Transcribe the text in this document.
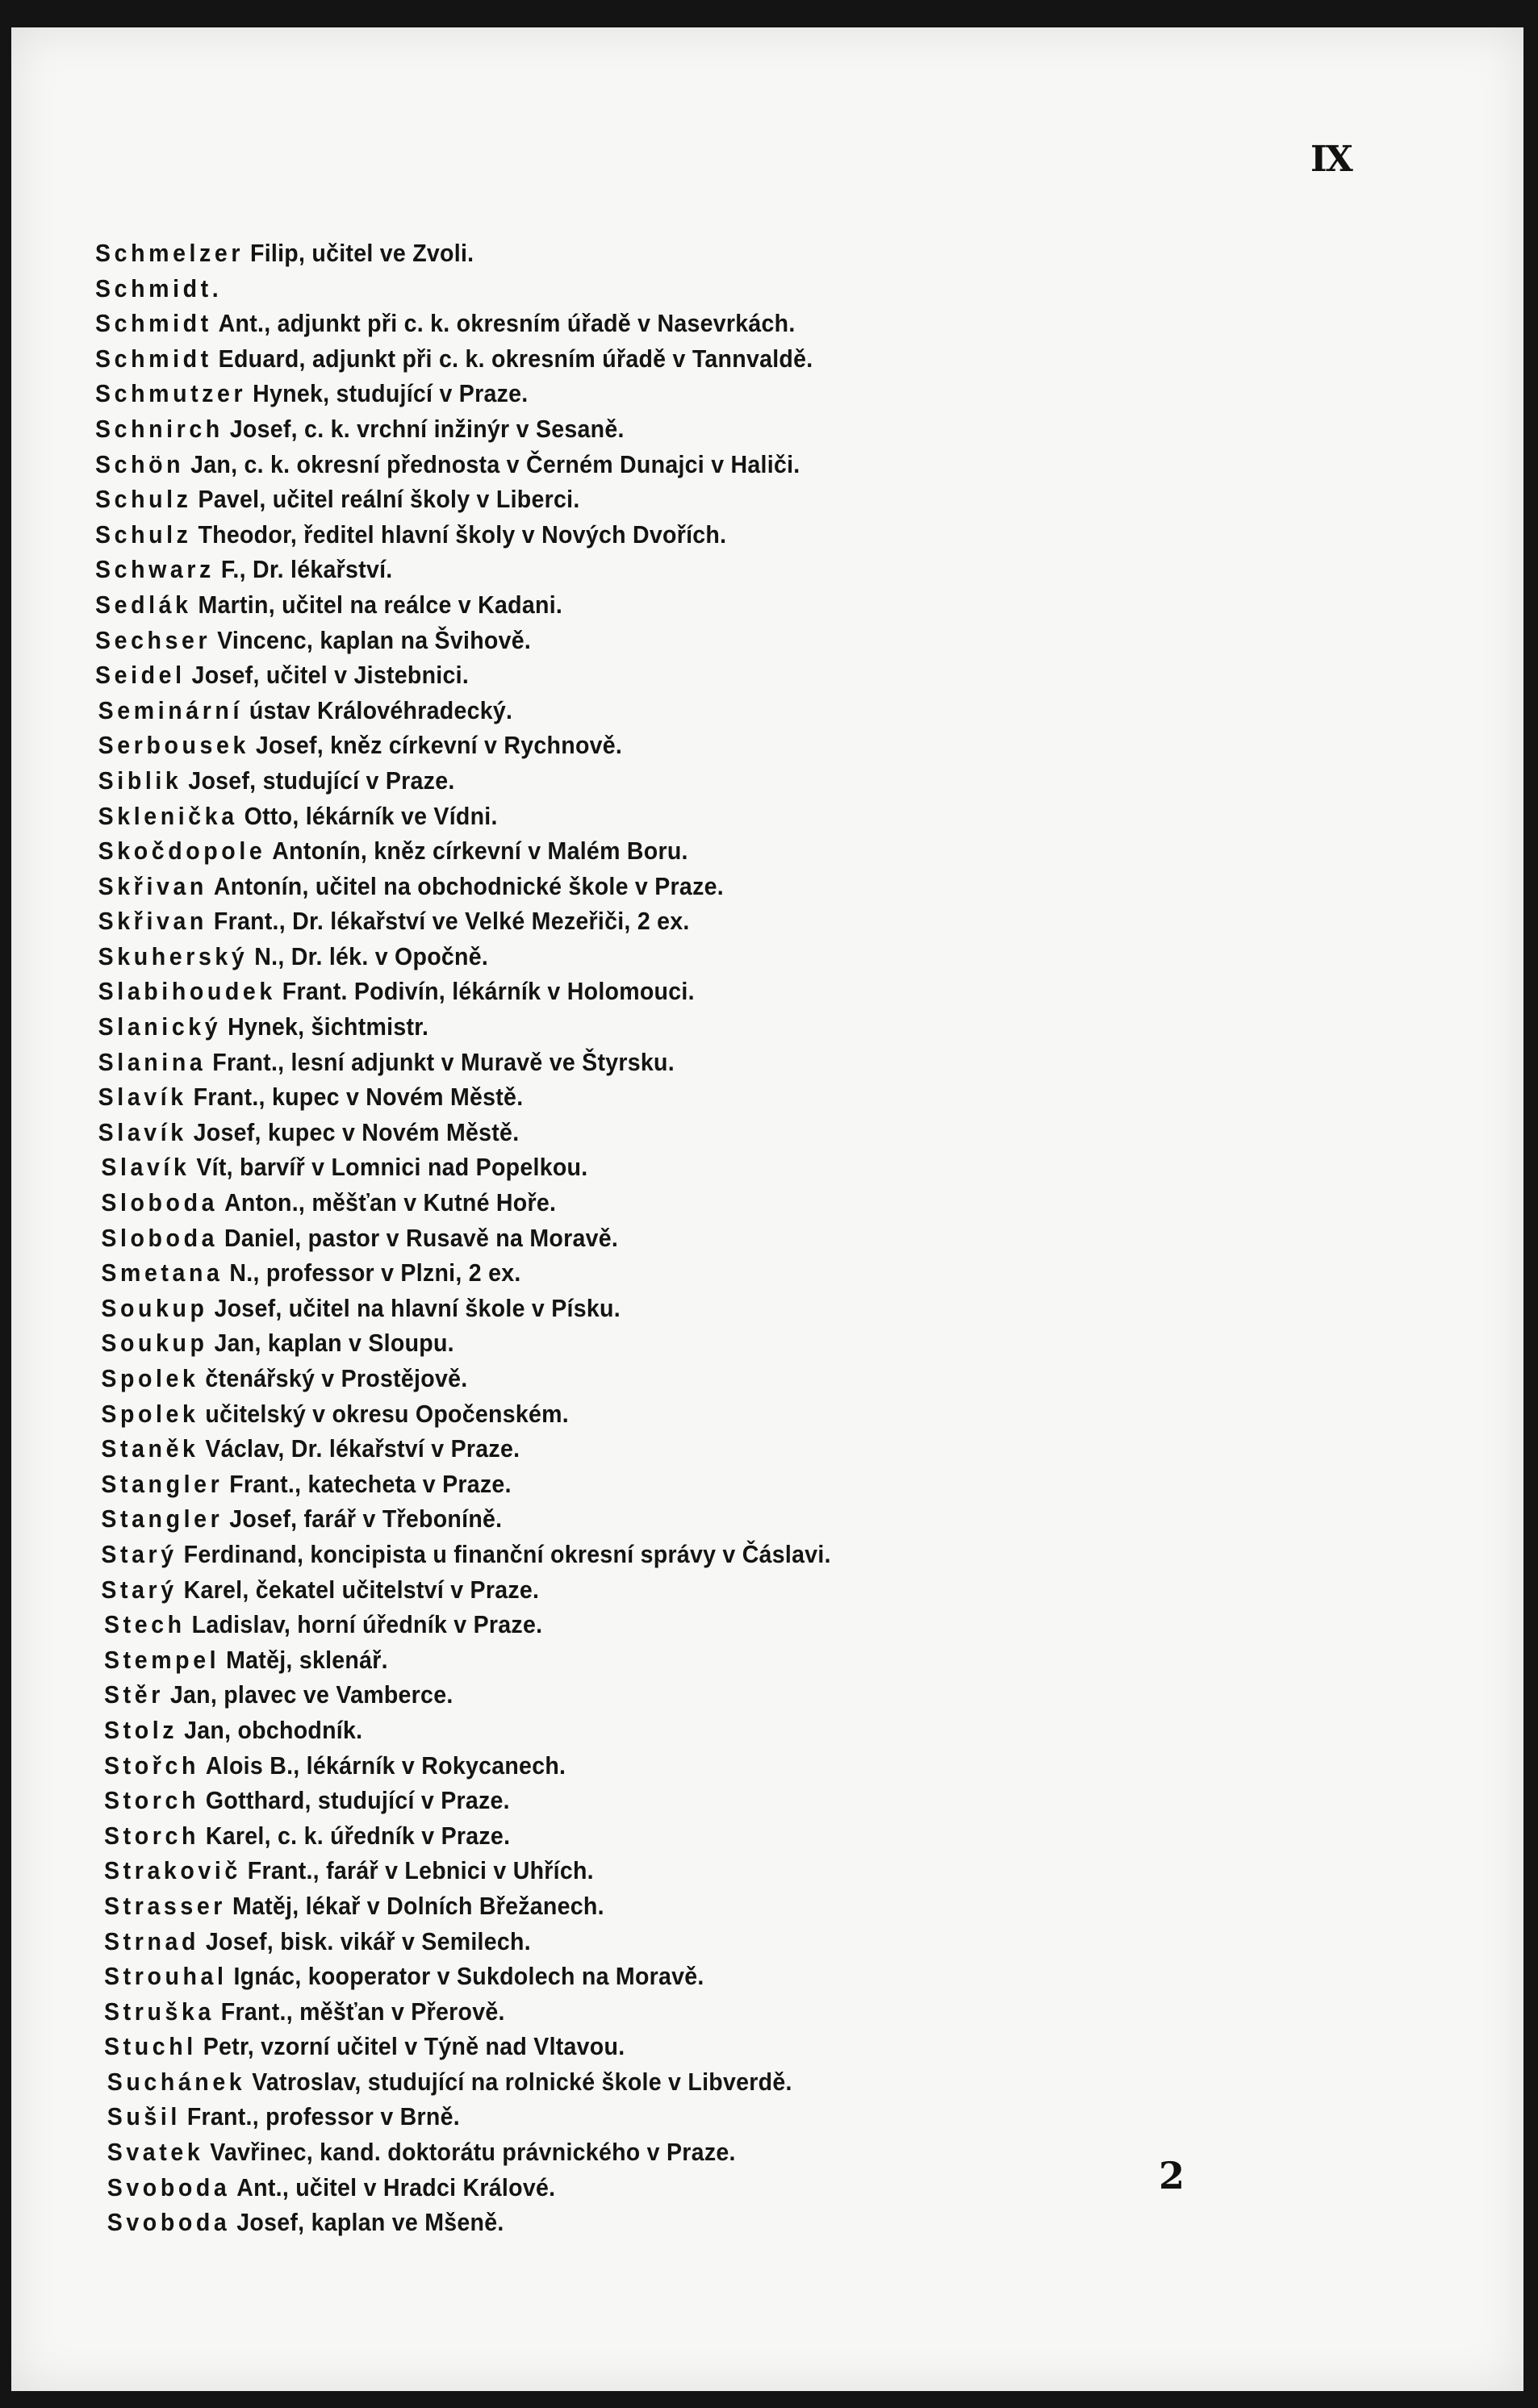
IX
Schmelzer Filip, učitel ve Zvoli.
Schmidt.
Schmidt Ant., adjunkt při c. k. okresním úřadě v Nasevrkách.
Schmidt Eduard, adjunkt při c. k. okresním úřadě v Tannvaldě.
Schmutzer Hynek, studující v Praze.
Schnirch Josef, c. k. vrchní inžinýr v Sesaně.
Schön Jan, c. k. okresní přednosta v Černém Dunajci v Haliči.
Schulz Pavel, učitel reální školy v Liberci.
Schulz Theodor, ředitel hlavní školy v Nových Dvořích.
Schwarz F., Dr. lékařství.
Sedlák Martin, učitel na reálce v Kadani.
Sechser Vincenc, kaplan na Švihově.
Seidel Josef, učitel v Jistebnici.
Seminární ústav Královéhradecký.
Serbousek Josef, kněz církevní v Rychnově.
Siblik Josef, studující v Praze.
Sklenička Otto, lékárník ve Vídni.
Skočdopole Antonín, kněz církevní v Malém Boru.
Skřivan Antonín, učitel na obchodnické škole v Praze.
Skřivan Frant., Dr. lékařství ve Velké Mezeřiči, 2 ex.
Skuherský N., Dr. lék. v Opočně.
Slabihoudek Frant. Podivín, lékárník v Holomouci.
Slanický Hynek, šichtmistr.
Slanina Frant., lesní adjunkt v Muravě ve Štyrsku.
Slavík Frant., kupec v Novém Městě.
Slavík Josef, kupec v Novém Městě.
Slavík Vít, barvíř v Lomnici nad Popelkou.
Sloboda Anton., měšťan v Kutné Hoře.
Sloboda Daniel, pastor v Rusavě na Moravě.
Smetana N., professor v Plzni, 2 ex.
Soukup Josef, učitel na hlavní škole v Písku.
Soukup Jan, kaplan v Sloupu.
Spolek čtenářský v Prostějově.
Spolek učitelský v okresu Opočenském.
Staněk Václav, Dr. lékařství v Praze.
Stangler Frant., katecheta v Praze.
Stangler Josef, farář v Třeboníně.
Starý Ferdinand, koncipista u finanční okresní správy v Čáslavi.
Starý Karel, čekatel učitelství v Praze.
Stech Ladislav, horní úředník v Praze.
Stempel Matěj, sklenář.
Stěr Jan, plavec ve Vamberce.
Stolz Jan, obchodník.
Stořch Alois B., lékárník v Rokycanech.
Storch Gotthard, studující v Praze.
Storch Karel, c. k. úředník v Praze.
Strakovič Frant., farář v Lebnici v Uhřích.
Strasser Matěj, lékař v Dolních Břežanech.
Strnad Josef, bisk. vikář v Semilech.
Strouhal Ignác, kooperator v Sukdolech na Moravě.
Struška Frant., měšťan v Přerově.
Stuchl Petr, vzorní učitel v Týně nad Vltavou.
Suchánek Vatroslav, studující na rolnické škole v Libverdě.
Sušil Frant., professor v Brně.
Svatek Vavřinec, kand. doktorátu právnického v Praze.
Svoboda Ant., učitel v Hradci Králové.
Svoboda Josef, kaplan ve Mšeně.
2
